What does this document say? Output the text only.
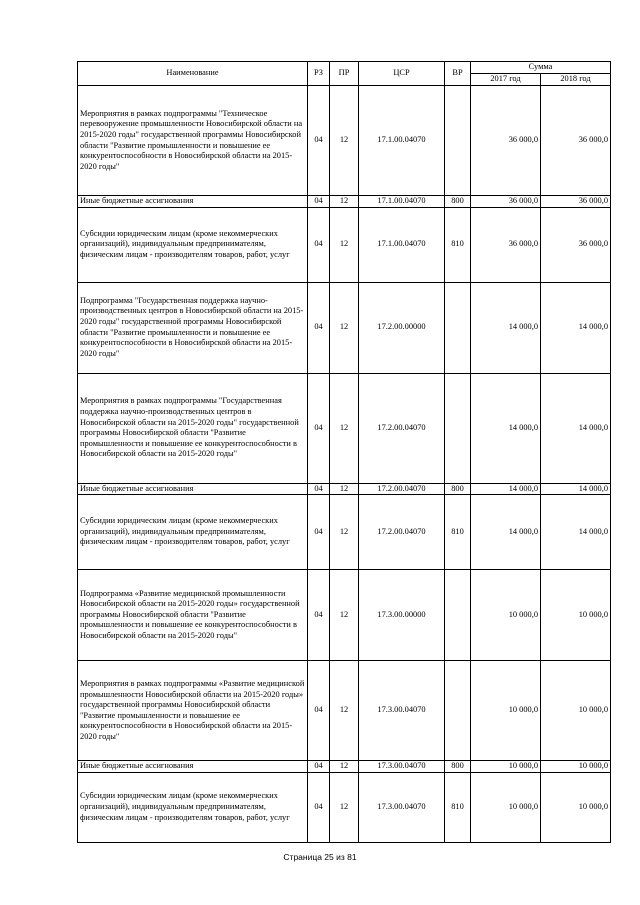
Наименование	РЗ	ПР	ЦСР	ВР	Сумма	
					2017 год	2018 год
Мероприятия в рамках подпрограммы "Техническое перевооружение промышленности Новосибирской области на 2015-2020 годы" государственной программы Новосибирской области "Развитие промышленности и повышение ее конкурентоспособности в Новосибирской области на 2015-2020 годы"	04	12	17.1.00.04070		36 000,0	36 000,0
Иные бюджетные ассигнования	04	12	17.1.00.04070	800	36 000,0	36 000,0
Субсидии юридическим лицам (кроме некоммерческих организаций), индивидуальным предпринимателям, физическим лицам - производителям товаров, работ, услуг	04	12	17.1.00.04070	810	36 000,0	36 000,0
Подпрограмма "Государственная поддержка научно-производственных центров в Новосибирской области на 2015-2020 годы" государственной программы Новосибирской области "Развитие промышленности и повышение ее конкурентоспособности в Новосибирской области на 2015-2020 годы"	04	12	17.2.00.00000		14 000,0	14 000,0
Мероприятия в рамках подпрограммы "Государственная поддержка научно-производственных центров в Новосибирской области на 2015-2020 годы" государственной программы Новосибирской области "Развитие промышленности и повышение ее конкурентоспособности в Новосибирской области на 2015-2020 годы"	04	12	17.2.00.04070		14 000,0	14 000,0
Иные бюджетные ассигнования	04	12	17.2.00.04070	800	14 000,0	14 000,0
Субсидии юридическим лицам (кроме некоммерческих организаций), индивидуальным предпринимателям, физическим лицам - производителям товаров, работ, услуг	04	12	17.2.00.04070	810	14 000,0	14 000,0
Подпрограмма «Развитие медицинской промышленности Новосибирской области на 2015-2020 годы» государственной программы Новосибирской области "Развитие промышленности и повышение ее конкурентоспособности в Новосибирской области на 2015-2020 годы"	04	12	17.3.00.00000		10 000,0	10 000,0
Мероприятия в рамках подпрограммы «Развитие медицинской промышленности Новосибирской области на 2015-2020 годы» государственной программы Новосибирской области "Развитие промышленности и повышение ее конкурентоспособности в Новосибирской области на 2015-2020 годы"	04	12	17.3.00.04070		10 000,0	10 000,0
Иные бюджетные ассигнования	04	12	17.3.00.04070	800	10 000,0	10 000,0
Субсидии юридическим лицам (кроме некоммерческих организаций), индивидуальным предпринимателям, физическим лицам - производителям товаров, работ, услуг	04	12	17.3.00.04070	810	10 000,0	10 000,0
Страница 25 из 81
